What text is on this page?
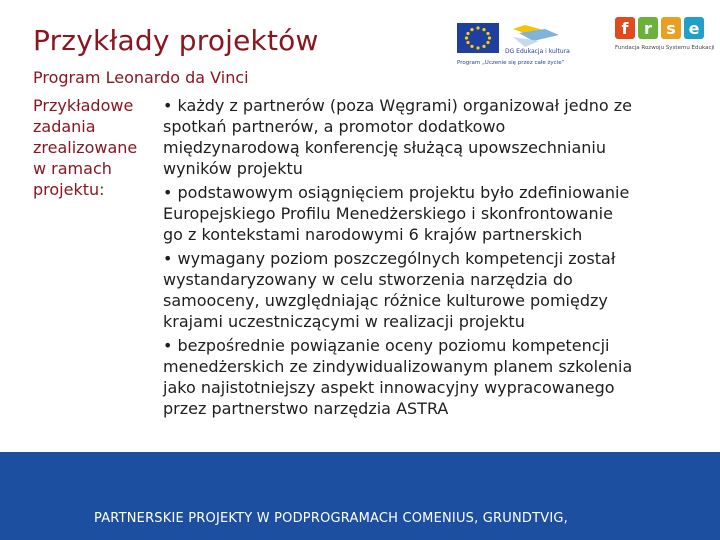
Przykłady projektów
Program Leonardo da Vinci
DG Edukacja i kultura
Program „Uczenie się przez całe życie”
f r s e
Fundacja Rozwoju Systemu Edukacji
Przykładowe
zadania
zrealizowane
w ramach
projektu:
• każdy z partnerów (poza Węgrami) organizował jedno ze
spotkań partnerów, a promotor dodatkowo
międzynarodową konferencję służącą upowszechnianiu
wyników projektu
• podstawowym osiągnięciem projektu było zdefiniowanie
Europejskiego Profilu Menedżerskiego i skonfrontowanie
go z kontekstami narodowymi 6 krajów partnerskich
• wymagany poziom poszczególnych kompetencji został
wystandaryzowany w celu stworzenia narzędzia do
samooceny, uwzględniając różnice kulturowe pomiędzy
krajami uczestniczącymi w realizacji projektu
• bezpośrednie powiązanie oceny poziomu kompetencji
menedżerskich ze zindywidualizowanym planem szkolenia
jako najistotniejszy aspekt innowacyjny wypracowanego
przez partnerstwo narzędzia ASTRA
PARTNERSKIE PROJEKTY W PODPROGRAMACH COMENIUS, GRUNDTVIG,
